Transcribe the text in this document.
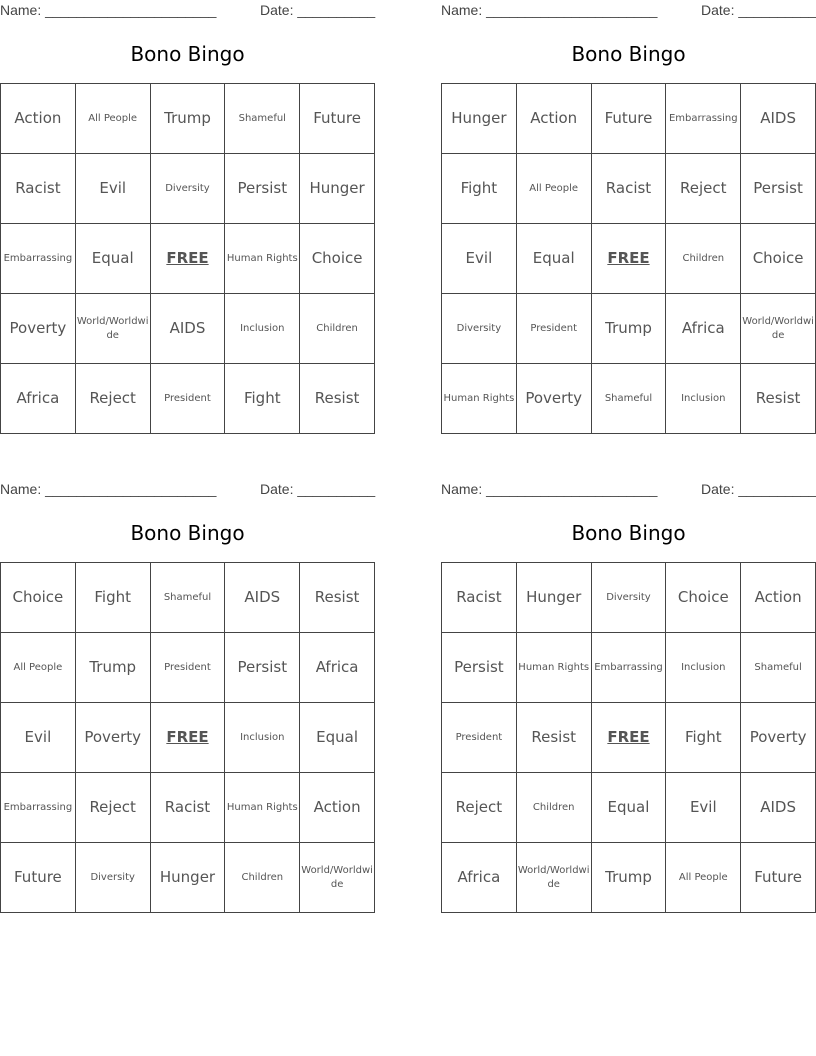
Name: ______________________	Date: __________
Bono Bingo
Action	All People	Trump	Shameful	Future
Racist	Evil	Diversity	Persist	Hunger
Embarrassing	Equal	FREE	Human Rights	Choice
Poverty	World/Worldwide	AIDS	Inclusion	Children
Africa	Reject	President	Fight	Resist
Name: ______________________	Date: __________
Bono Bingo
Hunger	Action	Future	Embarrassing	AIDS
Fight	All People	Racist	Reject	Persist
Evil	Equal	FREE	Children	Choice
Diversity	President	Trump	Africa	World/Worldwide
Human Rights	Poverty	Shameful	Inclusion	Resist
Name: ______________________	Date: __________
Bono Bingo
Choice	Fight	Shameful	AIDS	Resist
All People	Trump	President	Persist	Africa
Evil	Poverty	FREE	Inclusion	Equal
Embarrassing	Reject	Racist	Human Rights	Action
Future	Diversity	Hunger	Children	World/Worldwide
Name: ______________________	Date: __________
Bono Bingo
Racist	Hunger	Diversity	Choice	Action
Persist	Human Rights	Embarrassing	Inclusion	Shameful
President	Resist	FREE	Fight	Poverty
Reject	Children	Equal	Evil	AIDS
Africa	World/Worldwide	Trump	All People	Future
